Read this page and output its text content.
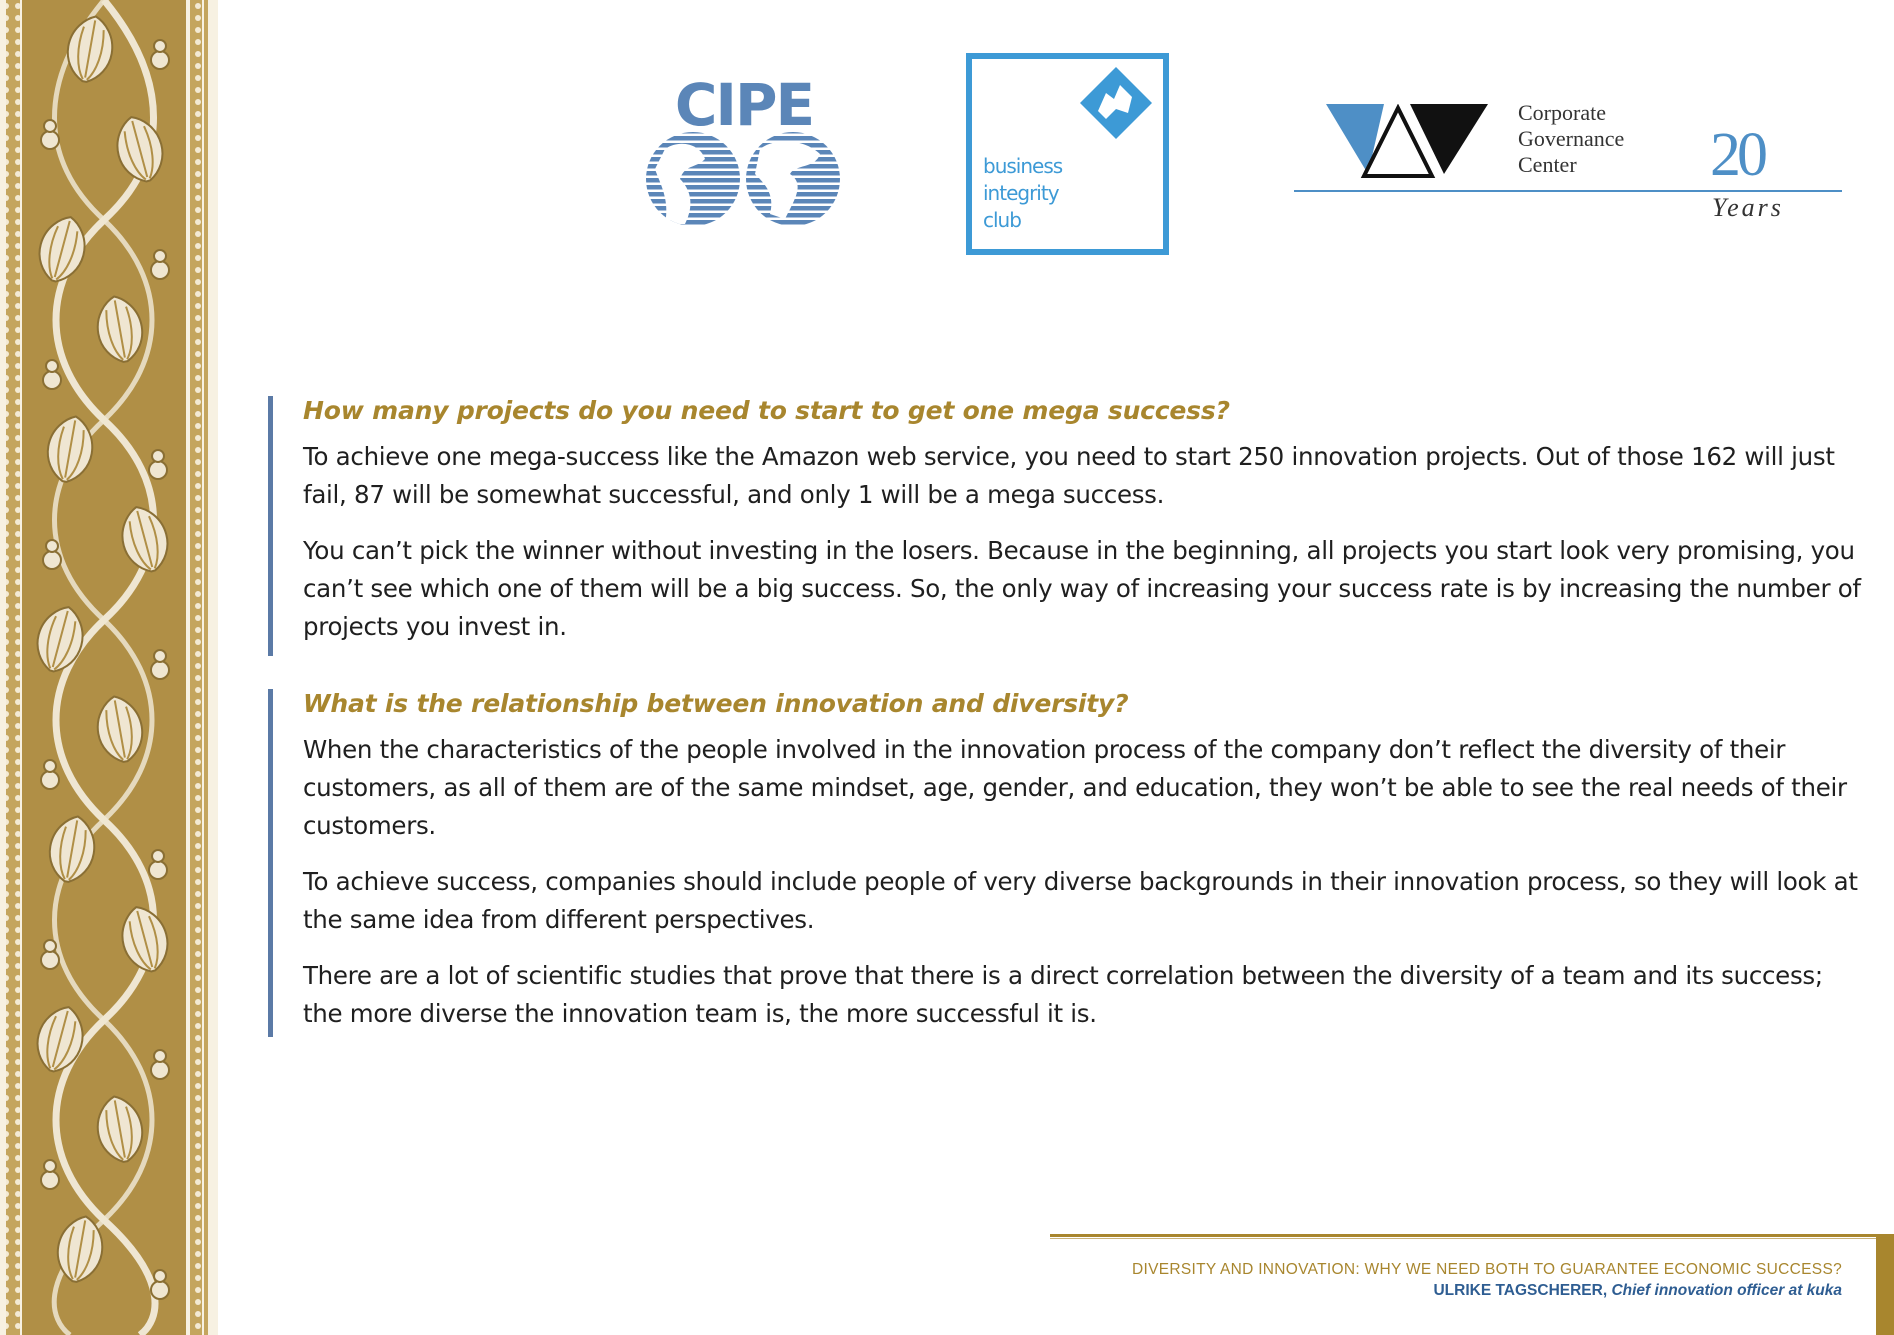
CIPE
business
integrity
club
Corporate
Governance
Center	20
Years
How many projects do you need to start to get one mega success?

To achieve one mega-success like the Amazon web service, you need to start 250 innovation projects. Out of those 162 will just fail, 87 will be somewhat successful, and only 1 will be a mega success.

You can’t pick the winner without investing in the losers. Because in the beginning, all projects you start look very promising, you can’t see which one of them will be a big success. So, the only way of increasing your success rate is by increasing the number of projects you invest in.

What is the relationship between innovation and diversity?

When the characteristics of the people involved in the innovation process of the company don’t reflect the diversity of their customers, as all of them are of the same mindset, age, gender, and education, they won’t be able to see the real needs of their customers.

To achieve success, companies should include people of very diverse backgrounds in their innovation process, so they will look at the same idea from different perspectives.

There are a lot of scientific studies that prove that there is a direct correlation between the diversity of a team and its success; the more diverse the innovation team is, the more successful it is.

DIVERSITY AND INNOVATION: WHY WE NEED BOTH TO GUARANTEE ECONOMIC SUCCESS?
ULRIKE TAGSCHERER, Chief innovation officer at kuka
